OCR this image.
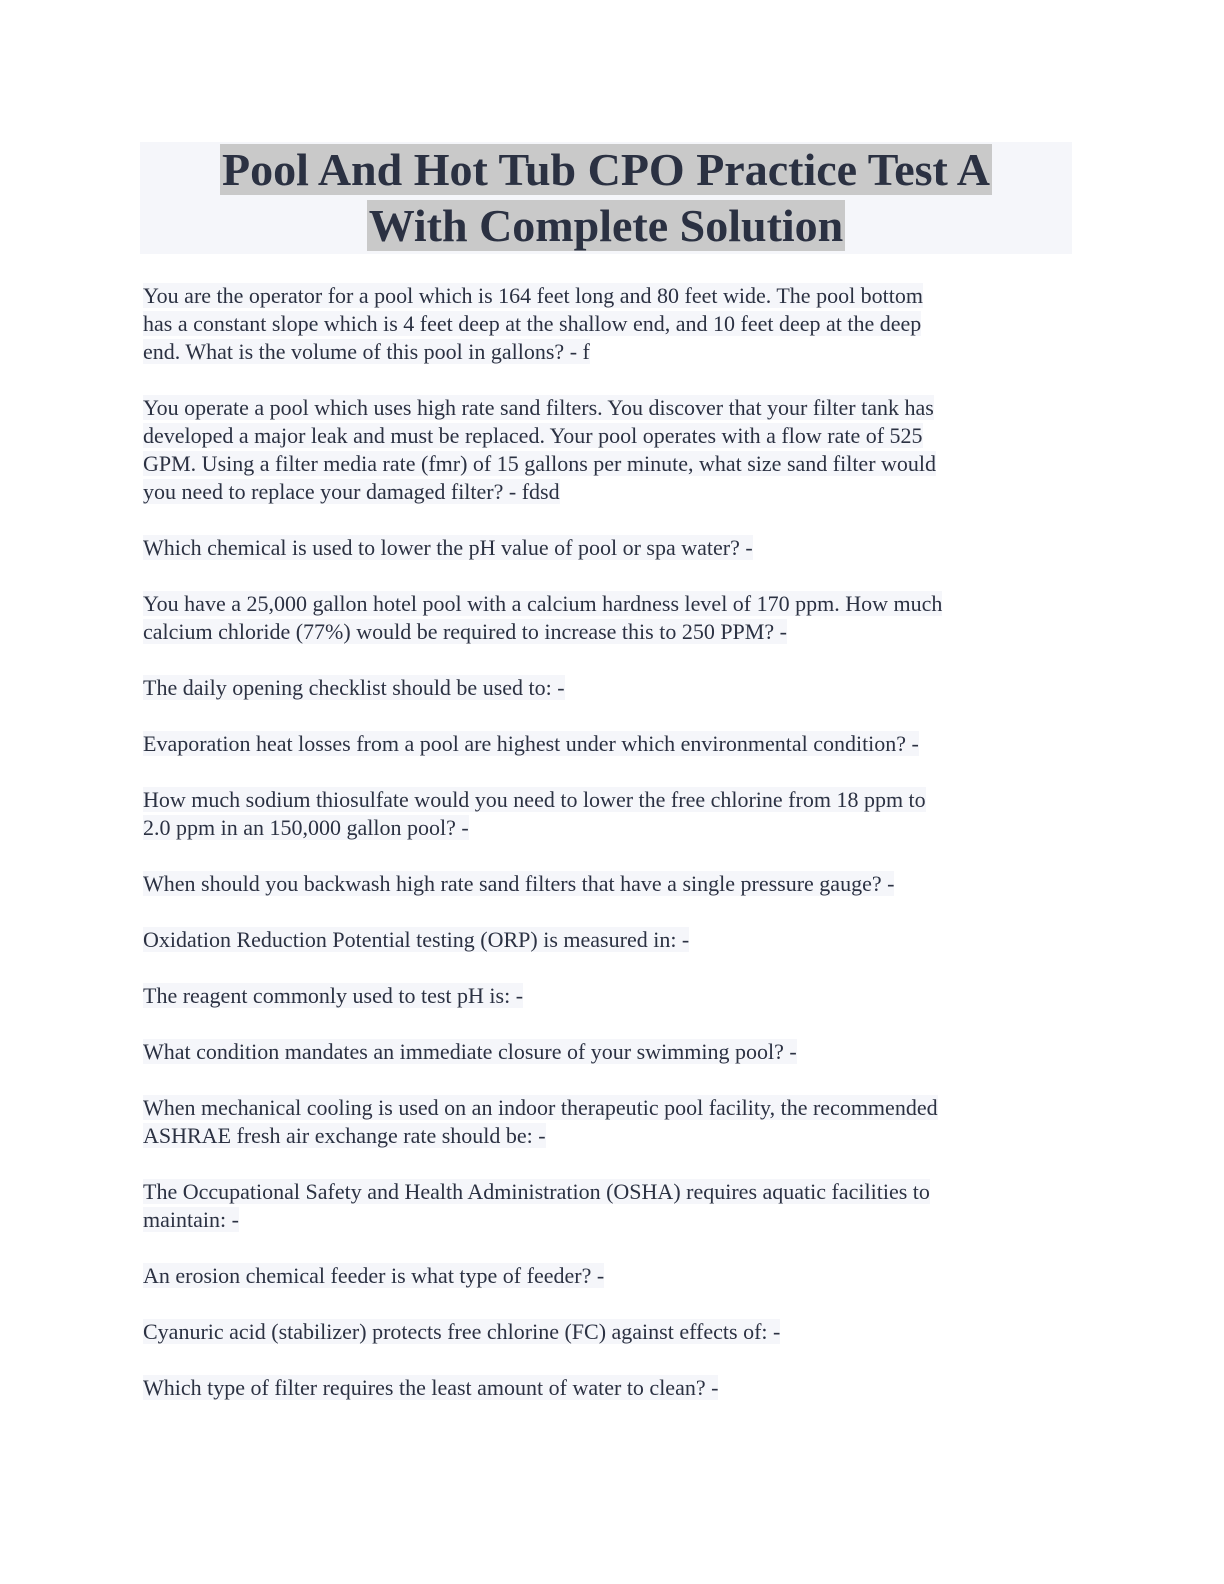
Pool And Hot Tub CPO Practice Test A
With Complete Solution
You are the operator for a pool which is 164 feet long and 80 feet wide. The pool bottom
has a constant slope which is 4 feet deep at the shallow end, and 10 feet deep at the deep
end. What is the volume of this pool in gallons? - f
You operate a pool which uses high rate sand filters. You discover that your filter tank has
developed a major leak and must be replaced. Your pool operates with a flow rate of 525
GPM. Using a filter media rate (fmr) of 15 gallons per minute, what size sand filter would
you need to replace your damaged filter? - fdsd
Which chemical is used to lower the pH value of pool or spa water? -
You have a 25,000 gallon hotel pool with a calcium hardness level of 170 ppm. How much
calcium chloride (77%) would be required to increase this to 250 PPM? -
The daily opening checklist should be used to: -
Evaporation heat losses from a pool are highest under which environmental condition? -
How much sodium thiosulfate would you need to lower the free chlorine from 18 ppm to
2.0 ppm in an 150,000 gallon pool? -
When should you backwash high rate sand filters that have a single pressure gauge? -
Oxidation Reduction Potential testing (ORP) is measured in: -
The reagent commonly used to test pH is: -
What condition mandates an immediate closure of your swimming pool? -
When mechanical cooling is used on an indoor therapeutic pool facility, the recommended
ASHRAE fresh air exchange rate should be: -
The Occupational Safety and Health Administration (OSHA) requires aquatic facilities to
maintain: -
An erosion chemical feeder is what type of feeder? -
Cyanuric acid (stabilizer) protects free chlorine (FC) against effects of: -
Which type of filter requires the least amount of water to clean? -
